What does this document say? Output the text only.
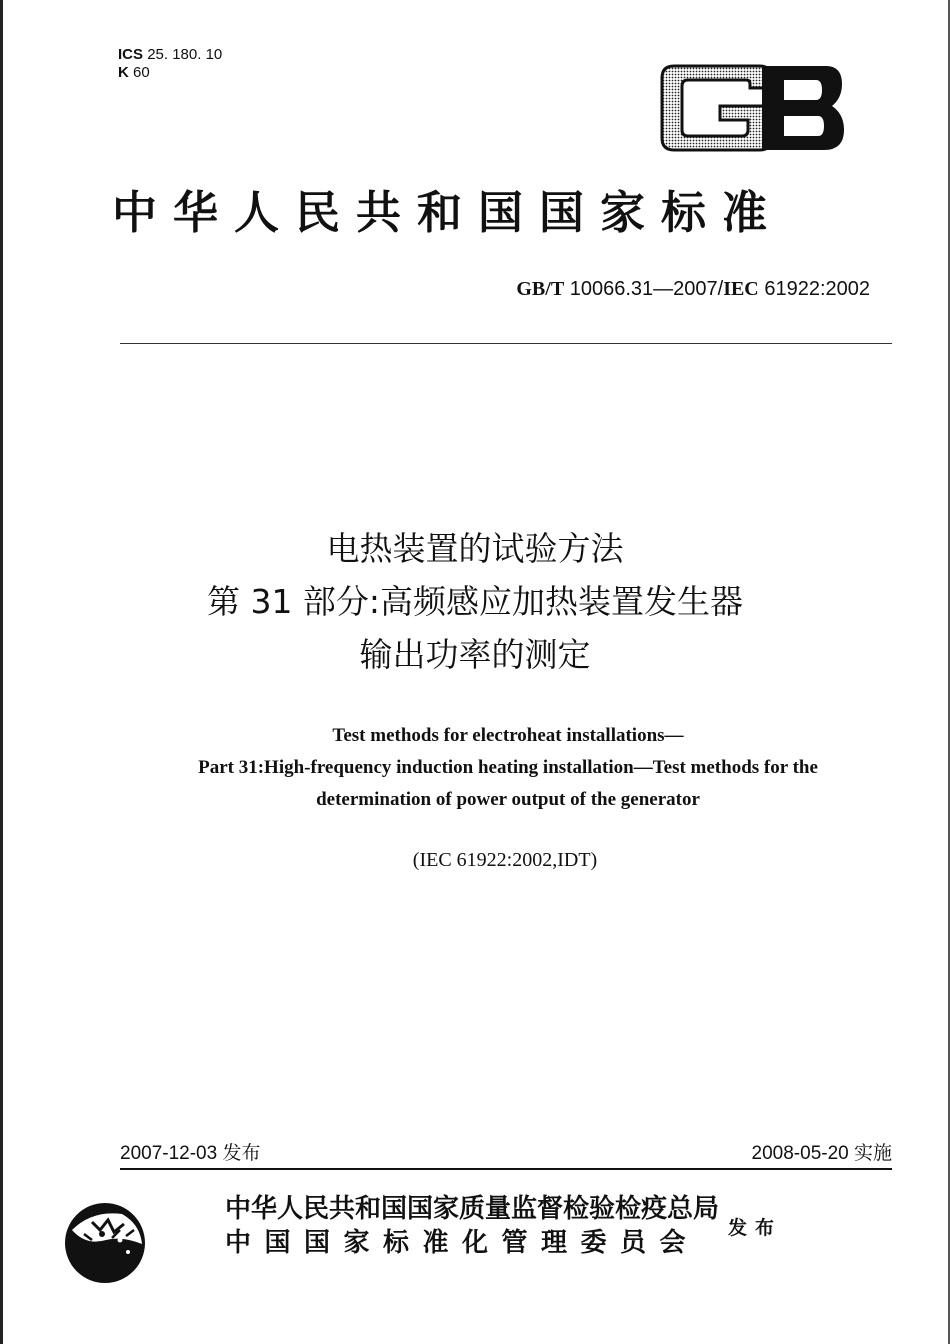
ICS 25. 180. 10
K 60
中华人民共和国国家标准
GB/T 10066.31—2007/IEC 61922:2002
电热装置的试验方法
第 31 部分:高频感应加热装置发生器
输出功率的测定
Test methods for electroheat installations—
Part 31:High-frequency induction heating installation—Test methods for the
determination of power output of the generator
(IEC 61922:2002,IDT)
2007-12-03 发布	2008-05-20 实施
中华人民共和国国家质量监督检验检疫总局
中国国家标准化管理委员会	发布
